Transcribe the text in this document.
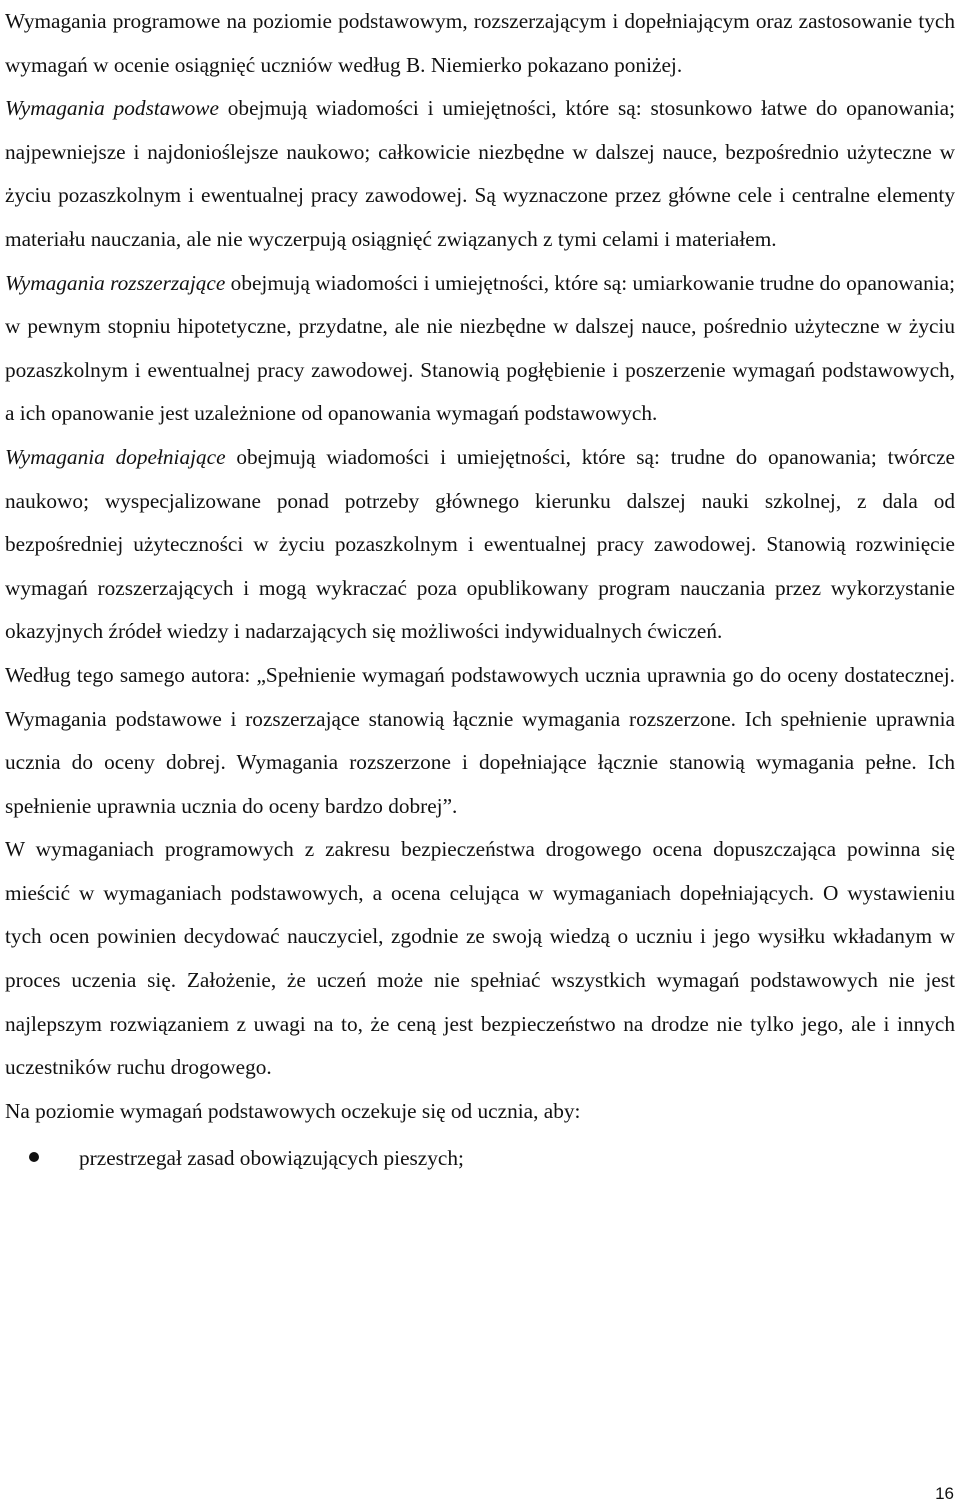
Wymagania programowe na poziomie podstawowym, rozszerzającym i dopełniającym oraz zastosowanie tych wymagań w ocenie osiągnięć uczniów według B. Niemierko pokazano poniżej.

Wymagania podstawowe obejmują wiadomości i umiejętności, które są: stosunkowo łatwe do opanowania; najpewniejsze i najdonioślejsze naukowo; całkowicie niezbędne w dalszej nauce, bezpośrednio użyteczne w życiu pozaszkolnym i ewentualnej pracy zawodowej. Są wyznaczone przez główne cele i centralne elementy materiału nauczania, ale nie wyczerpują osiągnięć związanych z tymi celami i materiałem.

Wymagania rozszerzające obejmują wiadomości i umiejętności, które są: umiarkowanie trudne do opanowania; w pewnym stopniu hipotetyczne, przydatne, ale nie niezbędne w dalszej nauce, pośrednio użyteczne w życiu pozaszkolnym i ewentualnej pracy zawodowej. Stanowią pogłębienie i poszerzenie wymagań podstawowych, a ich opanowanie jest uzależnione od opanowania wymagań podstawowych.

Wymagania dopełniające obejmują wiadomości i umiejętności, które są: trudne do opanowania; twórcze naukowo; wyspecjalizowane ponad potrzeby głównego kierunku dalszej nauki szkolnej, z dala od bezpośredniej użyteczności w życiu pozaszkolnym i ewentualnej pracy zawodowej. Stanowią rozwinięcie wymagań rozszerzających i mogą wykraczać poza opublikowany program nauczania przez wykorzystanie okazyjnych źródeł wiedzy i nadarzających się możliwości indywidualnych ćwiczeń.

Według tego samego autora: „Spełnienie wymagań podstawowych ucznia uprawnia go do oceny dostatecznej. Wymagania podstawowe i rozszerzające stanowią łącznie wymagania rozszerzone. Ich spełnienie uprawnia ucznia do oceny dobrej. Wymagania rozszerzone i dopełniające łącznie stanowią wymagania pełne. Ich spełnienie uprawnia ucznia do oceny bardzo dobrej”.

W wymaganiach programowych z zakresu bezpieczeństwa drogowego ocena dopuszczająca powinna się mieścić w wymaganiach podstawowych, a ocena celująca w wymaganiach dopełniających. O wystawieniu tych ocen powinien decydować nauczyciel, zgodnie ze swoją wiedzą o uczniu i jego wysiłku wkładanym w proces uczenia się. Założenie, że uczeń może nie spełniać wszystkich wymagań podstawowych nie jest najlepszym rozwiązaniem z uwagi na to, że ceną jest bezpieczeństwo na drodze nie tylko jego, ale i innych uczestników ruchu drogowego.

Na poziomie wymagań podstawowych oczekuje się od ucznia, aby:

przestrzegał zasad obowiązujących pieszych;
16
